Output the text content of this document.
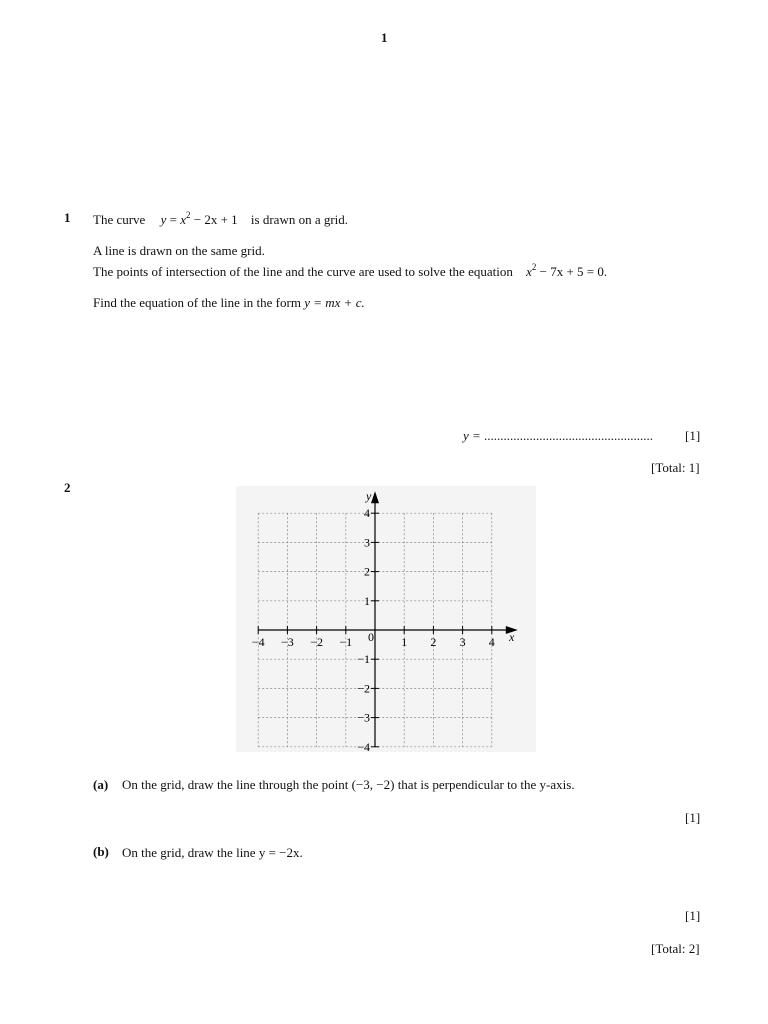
1
1 The curve $y = x^2 - 2x + 1$ is drawn on a grid.
A line is drawn on the same grid.
The points of intersection of the line and the curve are used to solve the equation $x^2 - 7x + 5 = 0$.
Find the equation of the line in the form y = mx + c.
y = .................................................... [1]
[Total: 1]
2
−4 −3 −2 −1	1 2 3 4
4
3
2
1
−1
−2
−3
−4
0	x
y
(a) On the grid, draw the line through the point (−3, −2) that is perpendicular to the y-axis.
[1]
(b) On the grid, draw the line y = −2x.
[1]
[Total: 2]
